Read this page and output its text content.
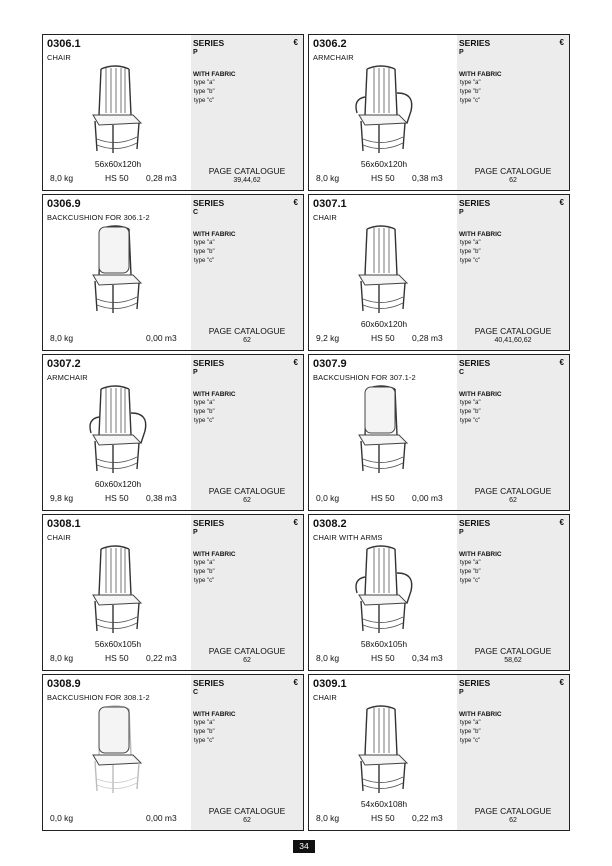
0306.1
CHAIR
SERIES
P
€
WITH FABRIC
type "a"
type "b"
type "c"
56x60x120h
8,0 kg	HS 50 0,28 m3
PAGE CATALOGUE
39,44,62
0306.2
ARMCHAIR
SERIES
P
€
WITH FABRIC
type "a"
type "b"
type "c"
56x60x120h
8,0 kg	HS 50 0,38 m3
PAGE CATALOGUE
62
0306.9
BACKCUSHION FOR 306.1-2
SERIES
C
€
WITH FABRIC
type "a"
type "b"
type "c"
8,0 kg	0,00 m3
PAGE CATALOGUE
62
0307.1
CHAIR
SERIES
P
€
WITH FABRIC
type "a"
type "b"
type "c"
60x60x120h
9,2 kg	HS 50 0,28 m3
PAGE CATALOGUE
40,41,60,62
0307.2
ARMCHAIR
SERIES
P
€
WITH FABRIC
type "a"
type "b"
type "c"
60x60x120h
9,8 kg	HS 50 0,38 m3
PAGE CATALOGUE
62
0307.9
BACKCUSHION FOR 307.1-2
SERIES
C
€
WITH FABRIC
type "a"
type "b"
type "c"
0,0 kg	HS 50 0,00 m3
PAGE CATALOGUE
62
0308.1
CHAIR
SERIES
P
€
WITH FABRIC
type "a"
type "b"
type "c"
56x60x105h
8,0 kg	HS 50 0,22 m3
PAGE CATALOGUE
62
0308.2
CHAIR WITH ARMS
SERIES
P
€
WITH FABRIC
type "a"
type "b"
type "c"
58x60x105h
8,0 kg	HS 50 0,34 m3
PAGE CATALOGUE
58,62
0308.9
BACKCUSHION FOR 308.1-2
SERIES
C
€
WITH FABRIC
type "a"
type "b"
type "c"
0,0 kg	0,00 m3
PAGE CATALOGUE
62
0309.1
CHAIR
SERIES
P
€
WITH FABRIC
type "a"
type "b"
type "c"
54x60x108h
8,0 kg	HS 50 0,22 m3
PAGE CATALOGUE
62
34
